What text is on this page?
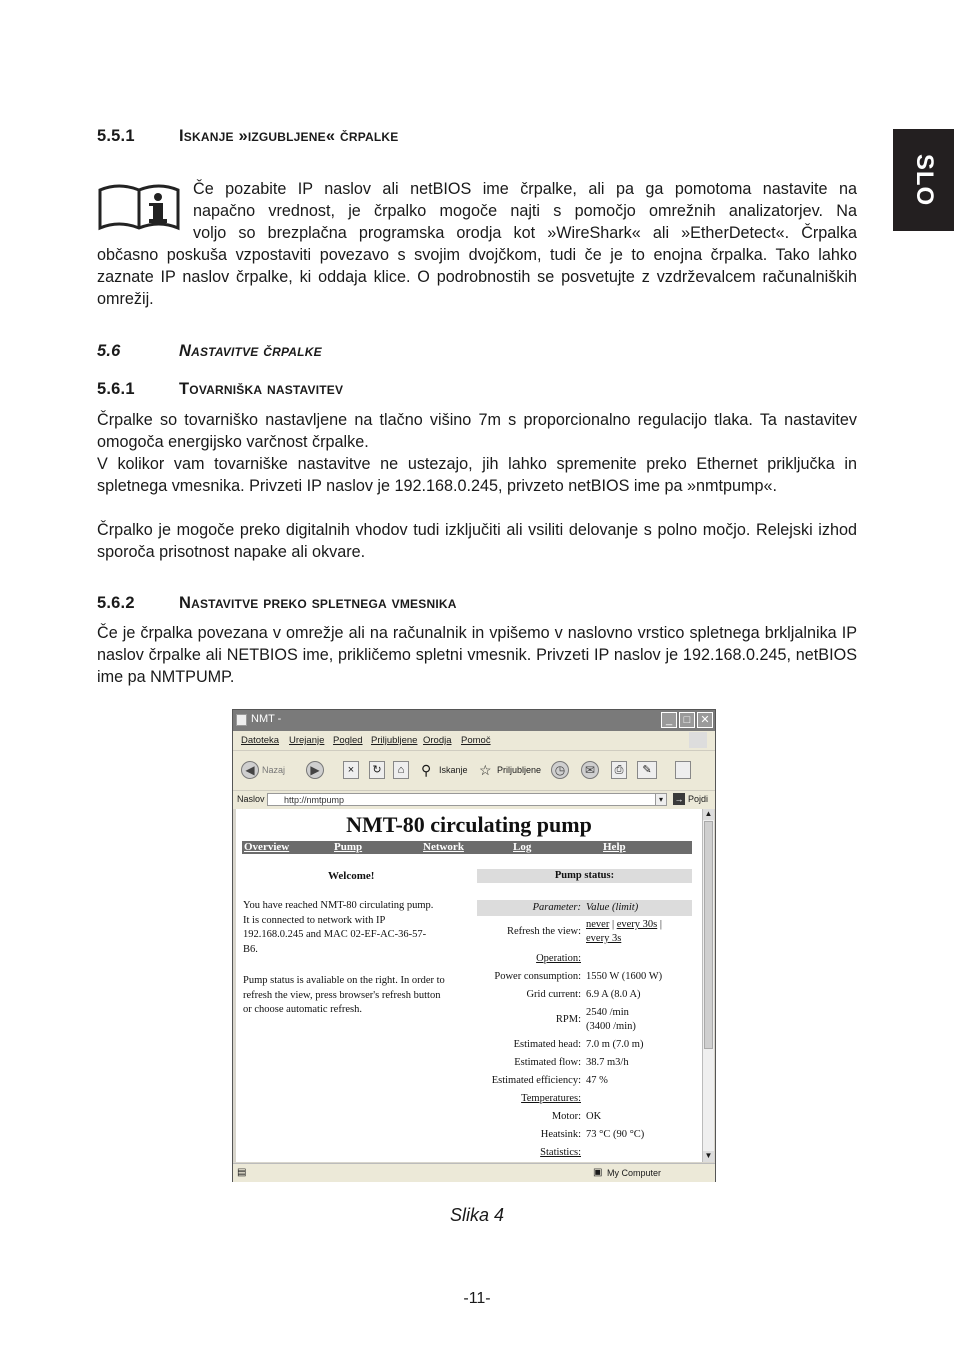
SLO
5.5.1	Iskanje »izgubljene« črpalke

Če pozabite IP naslov ali netBIOS ime črpalke, ali pa ga pomotoma nastavite na

napačno vrednost, je črpalko mogoče najti s pomočjo omrežnih analizatorjev. Na

voljo so brezplačna programska orodja kot »WireShark« ali »EtherDetect«. Črpalka

občasno poskuša vzpostaviti povezavo s svojim dvojčkom, tudi če je to enojna črpalka. Tako lahko zaznate IP naslov črpalke, ki oddaja klice. O podrobnostih se posvetujte z vzdrževalcem računalniških omrežij.

5.6	Nastavitve črpalke
5.6.1	Tovarniška nastavitev

Črpalke so tovarniško nastavljene na tlačno višino 7m s proporcionalno regulacijo tlaka. Ta nastavitev omogoča energijsko varčnost črpalke.

V kolikor vam tovarniške nastavitve ne ustezajo, jih lahko spremenite preko Ethernet priključka in spletnega vmesnika. Privzeti IP naslov je 192.168.0.245, privzeto netBIOS ime pa »nmtpump«.

Črpalko je mogoče preko digitalnih vhodov tudi izključiti ali vsiliti delovanje s polno močjo. Relejski izhod sporoča prisotnost napake ali okvare.

5.6.2	Nastavitve preko spletnega vmesnika

Če je črpalka povezana v omrežje ali na računalnik in vpišemo v naslovno vrstico spletnega brkljalnika IP naslov črpalke ali NETBIOS ime, prikličemo spletni vmesnik. Privzeti IP naslov je 192.168.0.245, netBIOS ime pa NMTPUMP.

NMT -	_	□ ✕
Datoteka Urejanje Pogled Priljubljene Orodja Pomoč
◀ Nazaj	▶	×	↻	⌂	⚲ Iskanje ☆ Priljubljene	◷	✉	⎙	✎
Naslov
http://nmtpump	▾	→ Pojdi
NMT-80 circulating pump
Overview	Pump	Network	Log	Help
Welcome!
You have reached NMT-80 circulating pump.
It is connected to network with IP
192.168.0.245 and MAC 02-EF-AC-36-57-
B6.
Pump status is avaliable on the right. In order to
refresh the view, press browser's refresh button
or choose automatic refresh.
Pump status:
Parameter: Value (limit)
Refresh the view:
never | every 30s |
every 3s
Operation:
Power consumption: 1550 W (1600 W)
Grid current: 6.9 A (8.0 A)
RPM:
2540 /min
(3400 /min)
Estimated head: 7.0 m (7.0 m)
Estimated flow: 38.7 m3/h
Estimated efficiency: 47 %
Temperatures:
Motor: OK
Heatsink: 73 °C (90 °C)
Statistics:
▲
▼
▤	▣ My Computer
Slika 4
-11-
